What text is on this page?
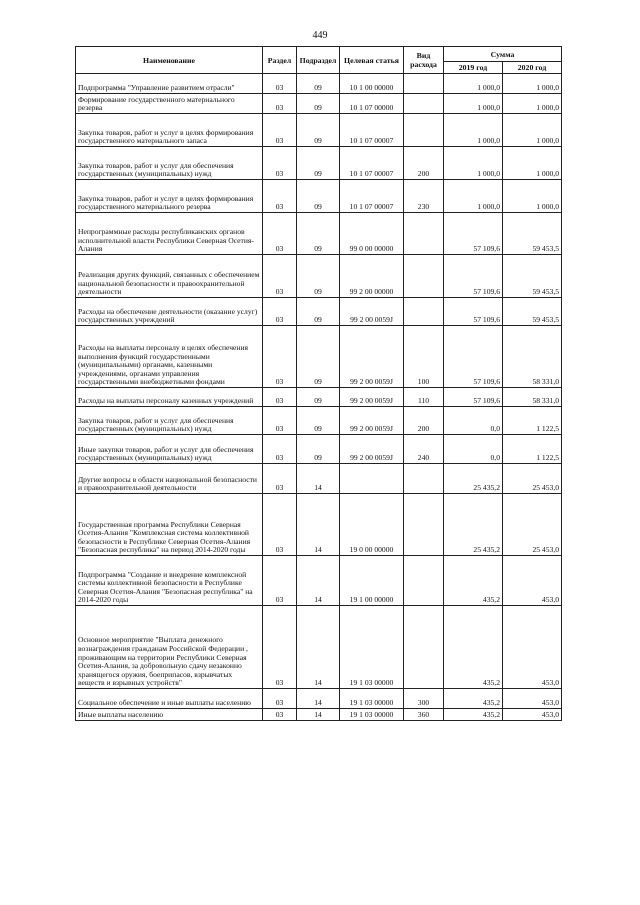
449
Наименование	Раздел	Подраздел	Целевая статья	Вид расхода	Сумма	
					2019 год	2020 год
Подпрограмма "Управление развитием отрасли"	03	09	10 1 00 00000		1 000,0	1 000,0
Формирование государственного материального резерва	03	09	10 1 07 00000		1 000,0	1 000,0
Закупка товаров, работ и услуг в целях формирования государственного материального запаса	03	09	10 1 07 00007		1 000,0	1 000,0
Закупка товаров, работ и услуг для обеспечения государственных (муниципальных) нужд	03	09	10 1 07 00007	200	1 000,0	1 000,0
Закупка товаров, работ и услуг в целях формирования государственного материального резерва	03	09	10 1 07 00007	230	1 000,0	1 000,0
Непрограммные расходы республиканских органов исполнительной власти Республики Северная Осетия-Алания	03	09	99 0 00 00000		57 109,6	59 453,5
Реализация других функций, связанных с обеспечением национальной безопасности и правоохранительной деятельности	03	09	99 2 00 00000		57 109,6	59 453,5
Расходы на обеспечение деятельности (оказание услуг) государственных учреждений	03	09	99 2 00 0059J		57 109,6	59 453,5
Расходы на выплаты персоналу в целях обеспечения выполнения функций государственными (муниципальными) органами, казенными учреждениями, органами управления государственными внебюджетными фондами	03	09	99 2 00 0059J	100	57 109,6	58 331,0
Расходы на выплаты персоналу казенных учреждений	03	09	99 2 00 0059J	110	57 109,6	58 331,0
Закупка товаров, работ и услуг для обеспечения государственных (муниципальных) нужд	03	09	99 2 00 0059J	200	0,0	1 122,5
Иные закупки товаров, работ и услуг для обеспечения государственных (муниципальных) нужд	03	09	99 2 00 0059J	240	0,0	1 122,5
Другие вопросы в области национальной безопасности и правоохранительной деятельности	03	14			25 435,2	25 453,0
Государственная программа Республики Северная Осетия-Алания "Комплексная система коллективной безопасности в Республике Северная Осетия-Алания "Безопасная республика" на период 2014-2020 годы	03	14	19 0 00 00000		25 435,2	25 453,0
Подпрограмма "Создание и внедрение комплексной системы коллективной безопасности в Республике Северная Осетия-Алания "Безопасная республика" на 2014-2020 годы	03	14	19 1 00 00000		435,2	453,0
Основное мероприятие "Выплата денежного вознаграждения гражданам Российской Федерации , проживающим на территории Республики Северная Осетия-Алания, за добровольную сдачу незаконно хранящегося оружия, боеприпасов, взрывчатых веществ и взрывных устройств"	03	14	19 1 03 00000		435,2	453,0
Социальное обеспечение и иные выплаты населению	03	14	19 1 03 00000	300	435,2	453,0
Иные выплаты населению	03	14	19 1 03 00000	360	435,2	453,0
